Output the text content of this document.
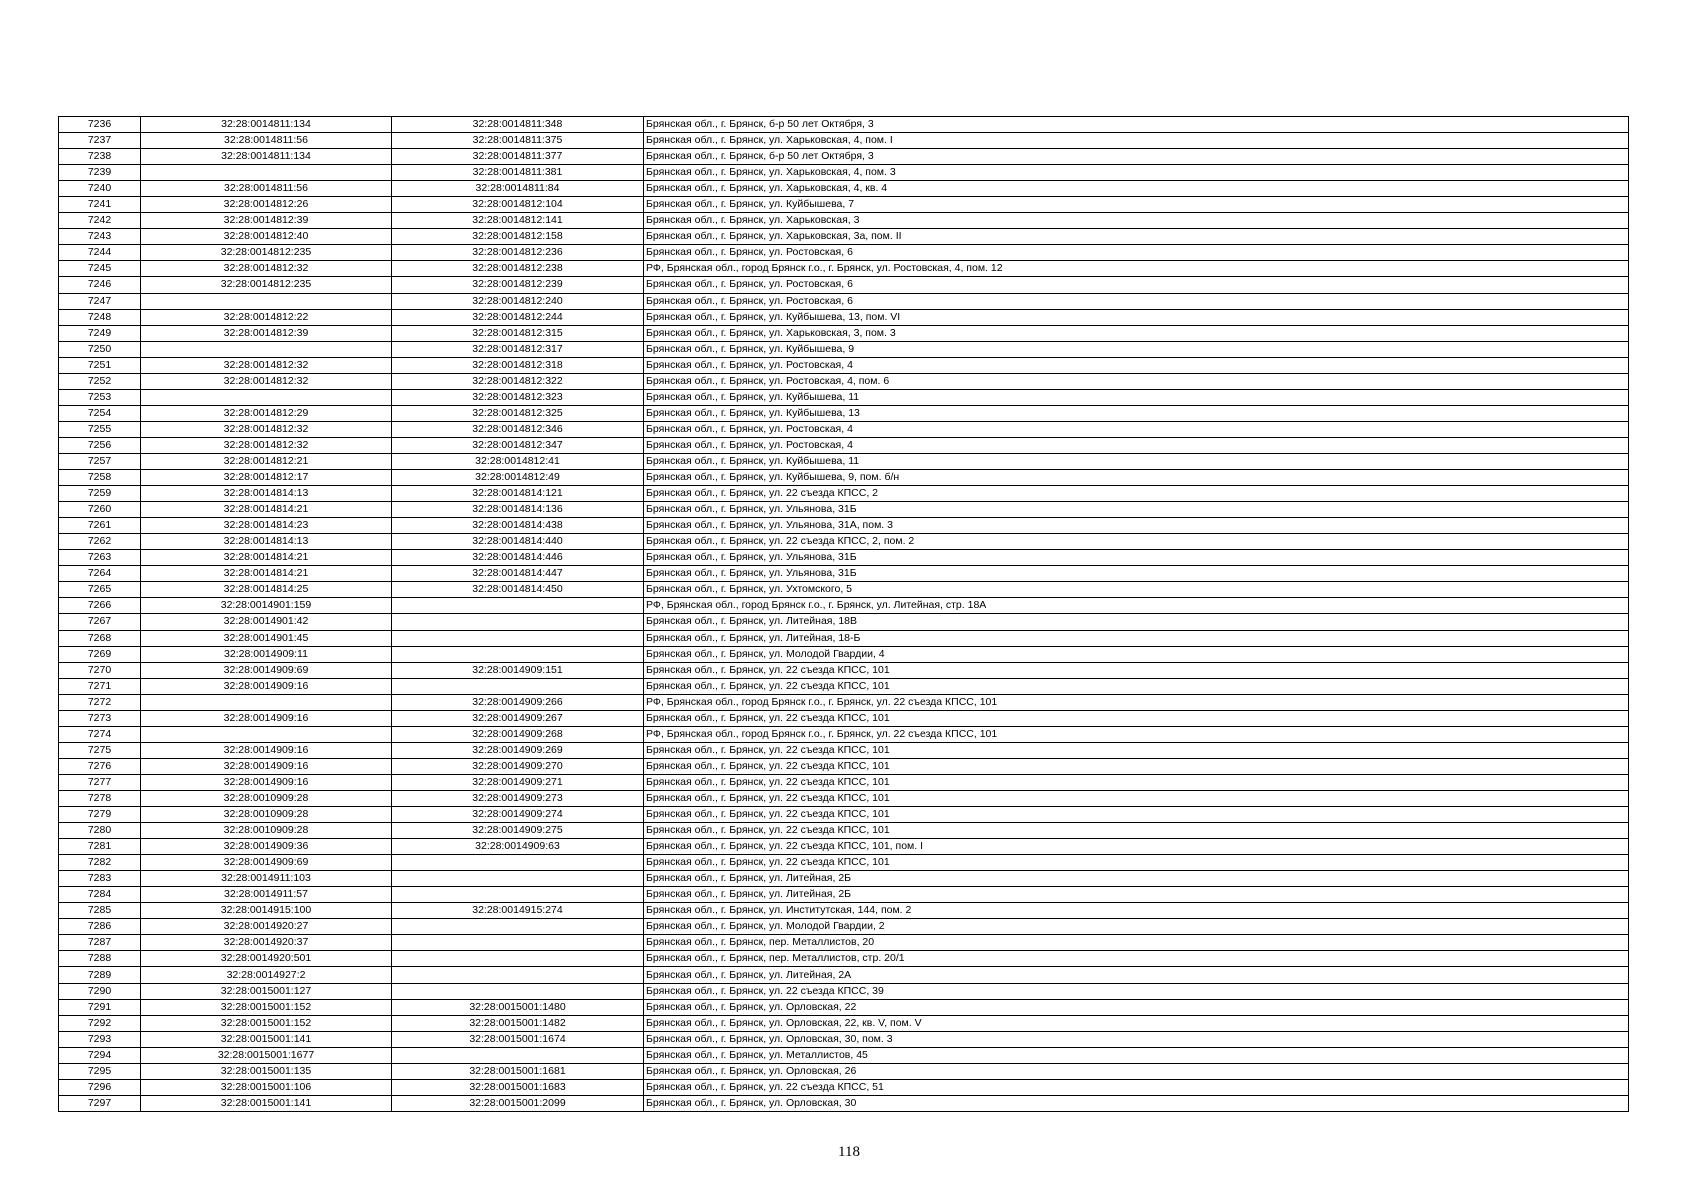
7236	32:28:0014811:134	32:28:0014811:348	Брянская обл., г. Брянск, б-р 50 лет Октября, 3
7237	32:28:0014811:56	32:28:0014811:375	Брянская обл., г. Брянск, ул. Харьковская, 4, пом. I
7238	32:28:0014811:134	32:28:0014811:377	Брянская обл., г. Брянск, б-р 50 лет Октября, 3
7239		32:28:0014811:381	Брянская обл., г. Брянск, ул. Харьковская, 4, пом. 3
7240	32:28:0014811:56	32:28:0014811:84	Брянская обл., г. Брянск, ул. Харьковская, 4, кв. 4
7241	32:28:0014812:26	32:28:0014812:104	Брянская обл., г. Брянск, ул. Куйбышева, 7
7242	32:28:0014812:39	32:28:0014812:141	Брянская обл., г. Брянск, ул. Харьковская, 3
7243	32:28:0014812:40	32:28:0014812:158	Брянская обл., г. Брянск, ул. Харьковская, 3а, пом. II
7244	32:28:0014812:235	32:28:0014812:236	Брянская обл., г. Брянск, ул. Ростовская, 6
7245	32:28:0014812:32	32:28:0014812:238	РФ, Брянская обл., город Брянск г.о., г. Брянск, ул. Ростовская, 4, пом. 12
7246	32:28:0014812:235	32:28:0014812:239	Брянская обл., г. Брянск, ул. Ростовская, 6
7247		32:28:0014812:240	Брянская обл., г. Брянск, ул. Ростовская, 6
7248	32:28:0014812:22	32:28:0014812:244	Брянская обл., г. Брянск, ул. Куйбышева, 13, пом. VI
7249	32:28:0014812:39	32:28:0014812:315	Брянская обл., г. Брянск, ул. Харьковская, 3, пом. 3
7250		32:28:0014812:317	Брянская обл., г. Брянск, ул. Куйбышева, 9
7251	32:28:0014812:32	32:28:0014812:318	Брянская обл., г. Брянск, ул. Ростовская, 4
7252	32:28:0014812:32	32:28:0014812:322	Брянская обл., г. Брянск, ул. Ростовская, 4, пом. 6
7253		32:28:0014812:323	Брянская обл., г. Брянск, ул. Куйбышева, 11
7254	32:28:0014812:29	32:28:0014812:325	Брянская обл., г. Брянск, ул. Куйбышева, 13
7255	32:28:0014812:32	32:28:0014812:346	Брянская обл., г. Брянск, ул. Ростовская, 4
7256	32:28:0014812:32	32:28:0014812:347	Брянская обл., г. Брянск, ул. Ростовская, 4
7257	32:28:0014812:21	32:28:0014812:41	Брянская обл., г. Брянск, ул. Куйбышева, 11
7258	32:28:0014812:17	32:28:0014812:49	Брянская обл., г. Брянск, ул. Куйбышева, 9, пом. б/н
7259	32:28:0014814:13	32:28:0014814:121	Брянская обл., г. Брянск, ул. 22 съезда КПСС, 2
7260	32:28:0014814:21	32:28:0014814:136	Брянская обл., г. Брянск, ул. Ульянова, 31Б
7261	32:28:0014814:23	32:28:0014814:438	Брянская обл., г. Брянск, ул. Ульянова, 31А, пом. 3
7262	32:28:0014814:13	32:28:0014814:440	Брянская обл., г. Брянск, ул. 22 съезда КПСС, 2, пом. 2
7263	32:28:0014814:21	32:28:0014814:446	Брянская обл., г. Брянск, ул. Ульянова, 31Б
7264	32:28:0014814:21	32:28:0014814:447	Брянская обл., г. Брянск, ул. Ульянова, 31Б
7265	32:28:0014814:25	32:28:0014814:450	Брянская обл., г. Брянск, ул. Ухтомского, 5
7266	32:28:0014901:159		РФ, Брянская обл., город Брянск г.о., г. Брянск, ул. Литейная, стр. 18А
7267	32:28:0014901:42		Брянская обл., г. Брянск, ул. Литейная, 18В
7268	32:28:0014901:45		Брянская обл., г. Брянск, ул. Литейная, 18-Б
7269	32:28:0014909:11		Брянская обл., г. Брянск, ул. Молодой Гвардии, 4
7270	32:28:0014909:69	32:28:0014909:151	Брянская обл., г. Брянск, ул. 22 съезда КПСС, 101
7271	32:28:0014909:16		Брянская обл., г. Брянск, ул. 22 съезда КПСС, 101
7272		32:28:0014909:266	РФ, Брянская обл., город Брянск г.о., г. Брянск, ул. 22 съезда КПСС, 101
7273	32:28:0014909:16	32:28:0014909:267	Брянская обл., г. Брянск, ул. 22 съезда КПСС, 101
7274		32:28:0014909:268	РФ, Брянская обл., город Брянск г.о., г. Брянск, ул. 22 съезда КПСС, 101
7275	32:28:0014909:16	32:28:0014909:269	Брянская обл., г. Брянск, ул. 22 съезда КПСС, 101
7276	32:28:0014909:16	32:28:0014909:270	Брянская обл., г. Брянск, ул. 22 съезда КПСС, 101
7277	32:28:0014909:16	32:28:0014909:271	Брянская обл., г. Брянск, ул. 22 съезда КПСС, 101
7278	32:28:0010909:28	32:28:0014909:273	Брянская обл., г. Брянск, ул. 22 съезда КПСС, 101
7279	32:28:0010909:28	32:28:0014909:274	Брянская обл., г. Брянск, ул. 22 съезда КПСС, 101
7280	32:28:0010909:28	32:28:0014909:275	Брянская обл., г. Брянск, ул. 22 съезда КПСС, 101
7281	32:28:0014909:36	32:28:0014909:63	Брянская обл., г. Брянск, ул. 22 съезда КПСС, 101, пом. I
7282	32:28:0014909:69		Брянская обл., г. Брянск, ул. 22 съезда КПСС, 101
7283	32:28:0014911:103		Брянская обл., г. Брянск, ул. Литейная, 2Б
7284	32:28:0014911:57		Брянская обл., г. Брянск, ул. Литейная, 2Б
7285	32:28:0014915:100	32:28:0014915:274	Брянская обл., г. Брянск, ул. Институтская, 144, пом. 2
7286	32:28:0014920:27		Брянская обл., г. Брянск, ул. Молодой Гвардии, 2
7287	32:28:0014920:37		Брянская обл., г. Брянск, пер. Металлистов, 20
7288	32:28:0014920:501		Брянская обл., г. Брянск, пер. Металлистов, стр. 20/1
7289	32:28:0014927:2		Брянская обл., г. Брянск, ул. Литейная, 2А
7290	32:28:0015001:127		Брянская обл., г. Брянск, ул. 22 съезда КПСС, 39
7291	32:28:0015001:152	32:28:0015001:1480	Брянская обл., г. Брянск, ул. Орловская, 22
7292	32:28:0015001:152	32:28:0015001:1482	Брянская обл., г. Брянск, ул. Орловская, 22, кв. V, пом. V
7293	32:28:0015001:141	32:28:0015001:1674	Брянская обл., г. Брянск, ул. Орловская, 30, пом. 3
7294	32:28:0015001:1677		Брянская обл., г. Брянск, ул. Металлистов, 45
7295	32:28:0015001:135	32:28:0015001:1681	Брянская обл., г. Брянск, ул. Орловская, 26
7296	32:28:0015001:106	32:28:0015001:1683	Брянская обл., г. Брянск, ул. 22 съезда КПСС, 51
7297	32:28:0015001:141	32:28:0015001:2099	Брянская обл., г. Брянск, ул. Орловская, 30
118
